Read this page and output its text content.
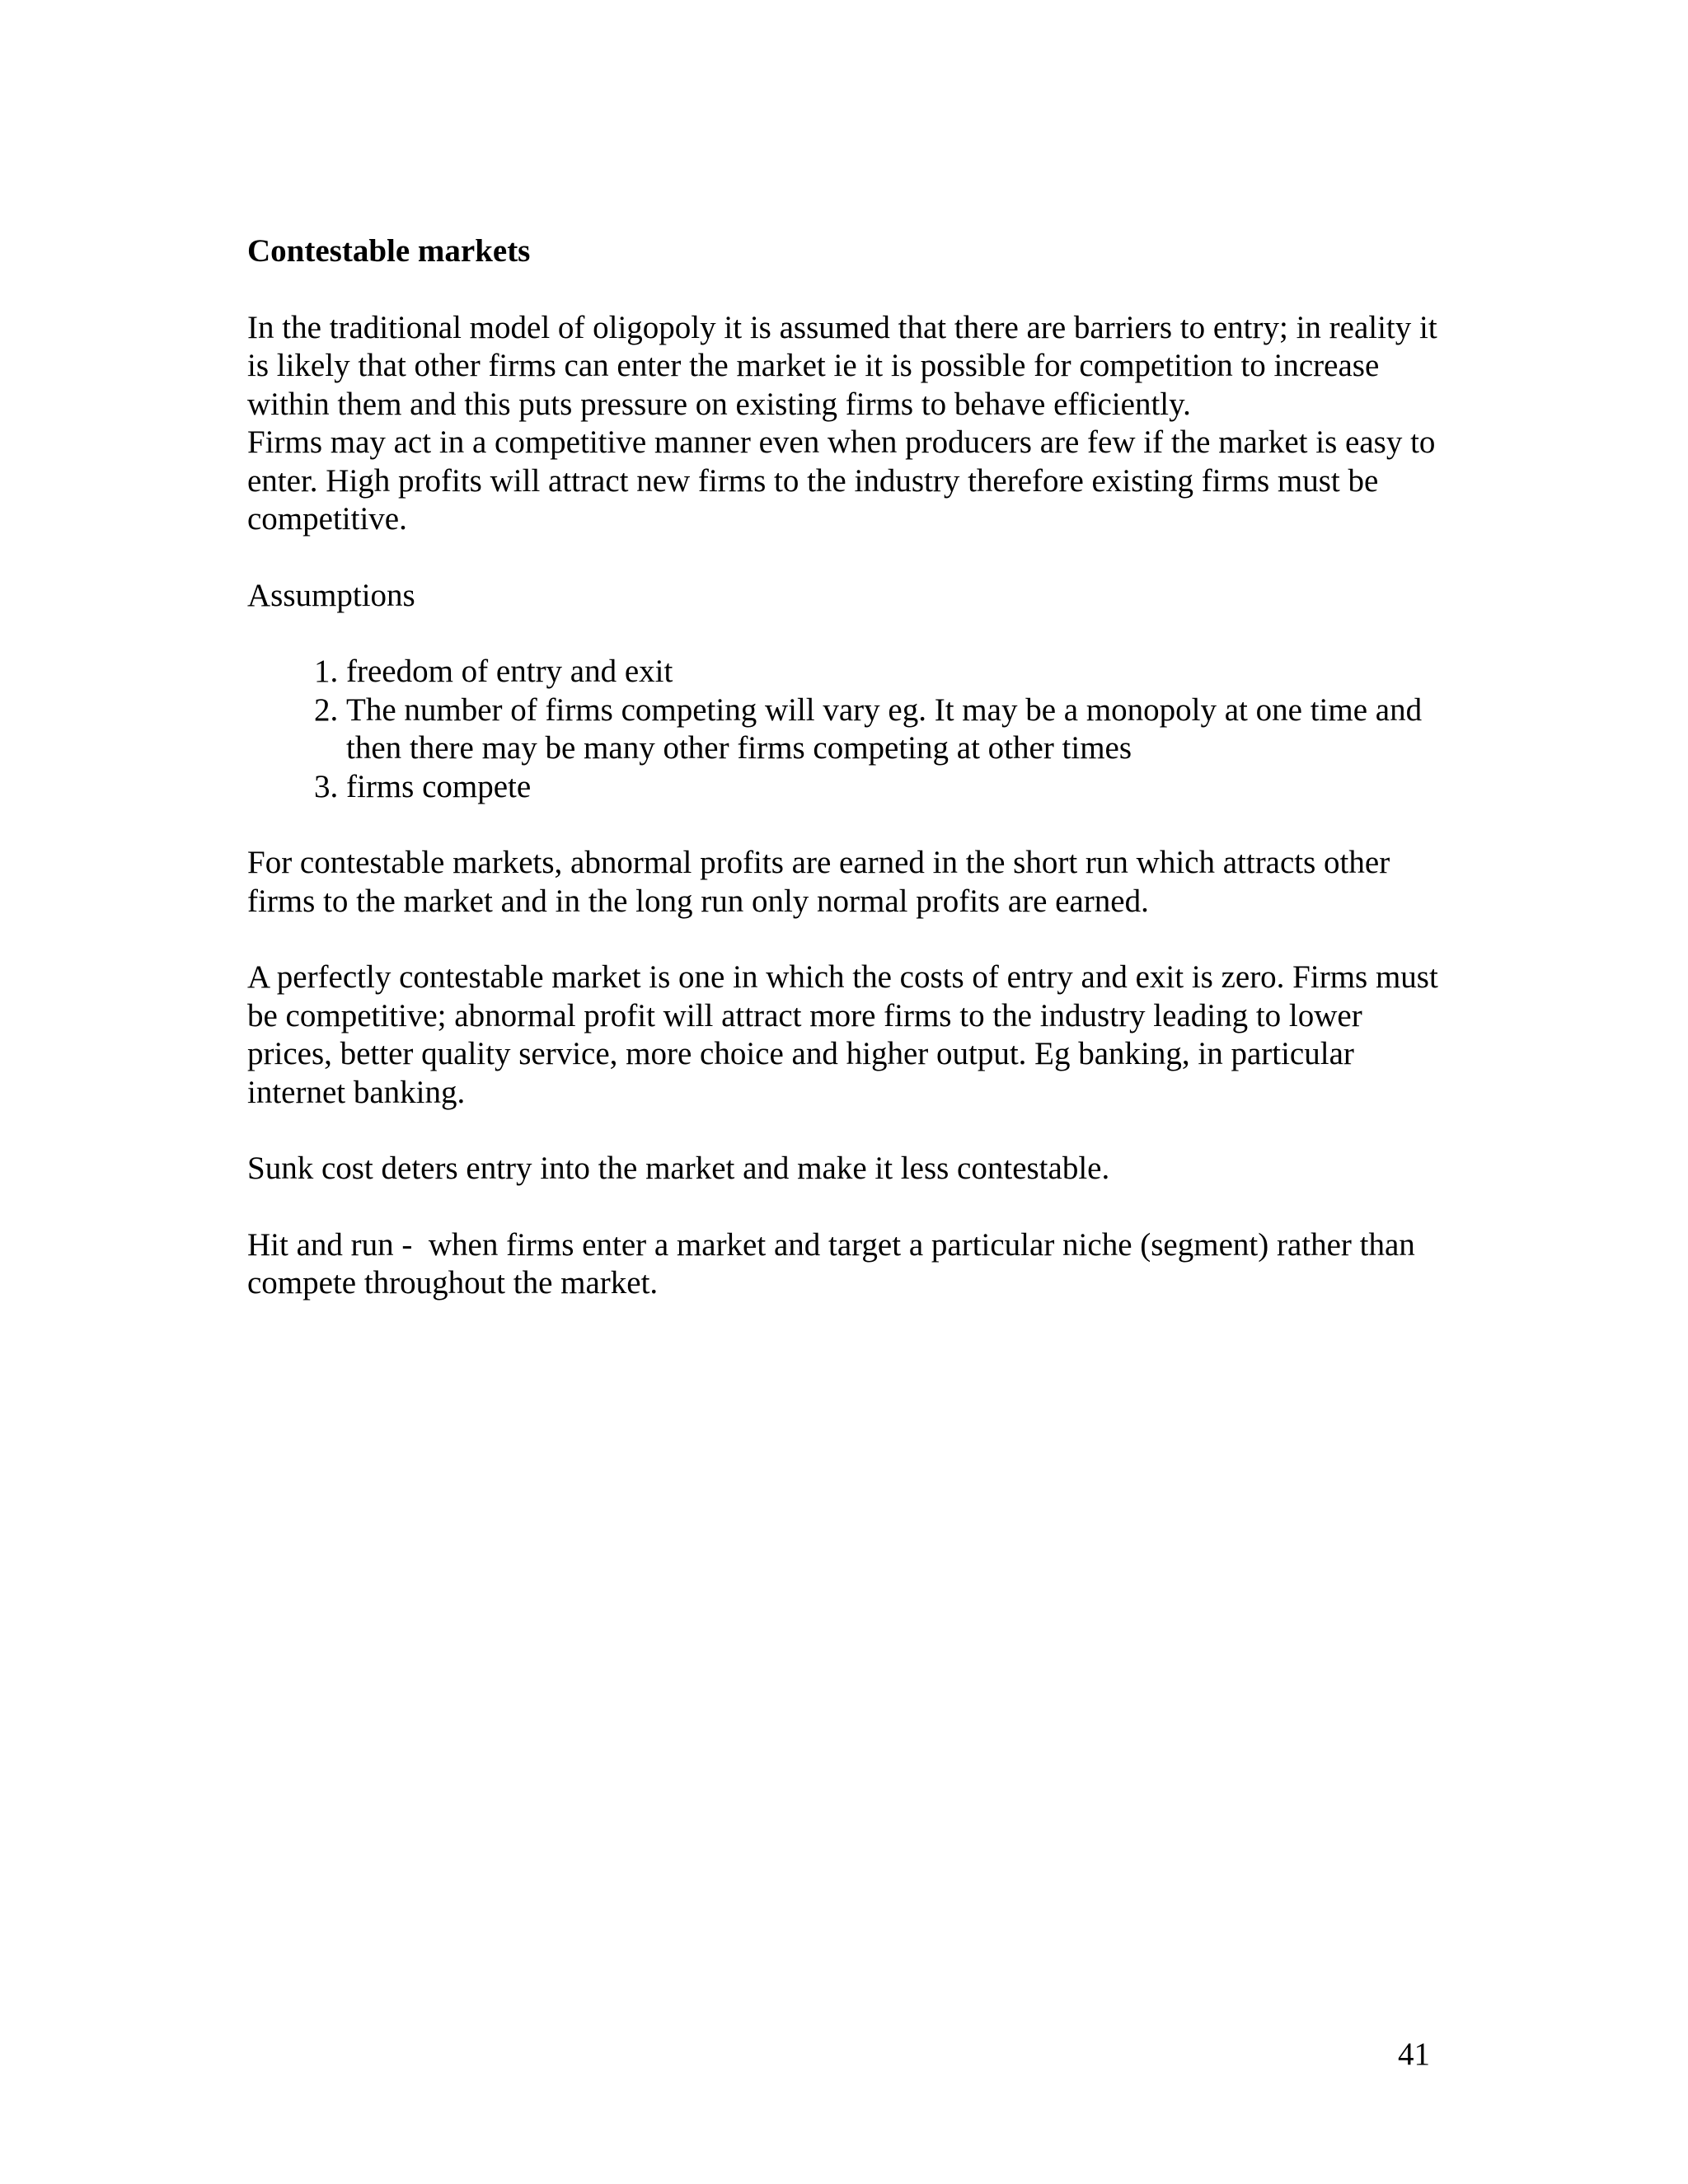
Contestable markets

In the traditional model of oligopoly it is assumed that there are barriers to entry; in reality it is likely that other firms can enter the market ie it is possible for competition to increase within them and this puts pressure on existing firms to behave efficiently.

Firms may act in a competitive manner even when producers are few if the market is easy to enter. High profits will attract new firms to the industry therefore existing firms must be competitive.

Assumptions

1. freedom of entry and exit
2. The number of firms competing will vary eg. It may be a monopoly at one time and then there may be many other firms competing at other times
3. firms compete

For contestable markets, abnormal profits are earned in the short run which attracts other firms to the market and in the long run only normal profits are earned.

A perfectly contestable market is one in which the costs of entry and exit is zero. Firms must be competitive; abnormal profit will attract more firms to the industry leading to lower prices, better quality service, more choice and higher output. Eg banking, in particular internet banking.

Sunk cost deters entry into the market and make it less contestable.

Hit and run -  when firms enter a market and target a particular niche (segment) rather than compete throughout the market.

41
